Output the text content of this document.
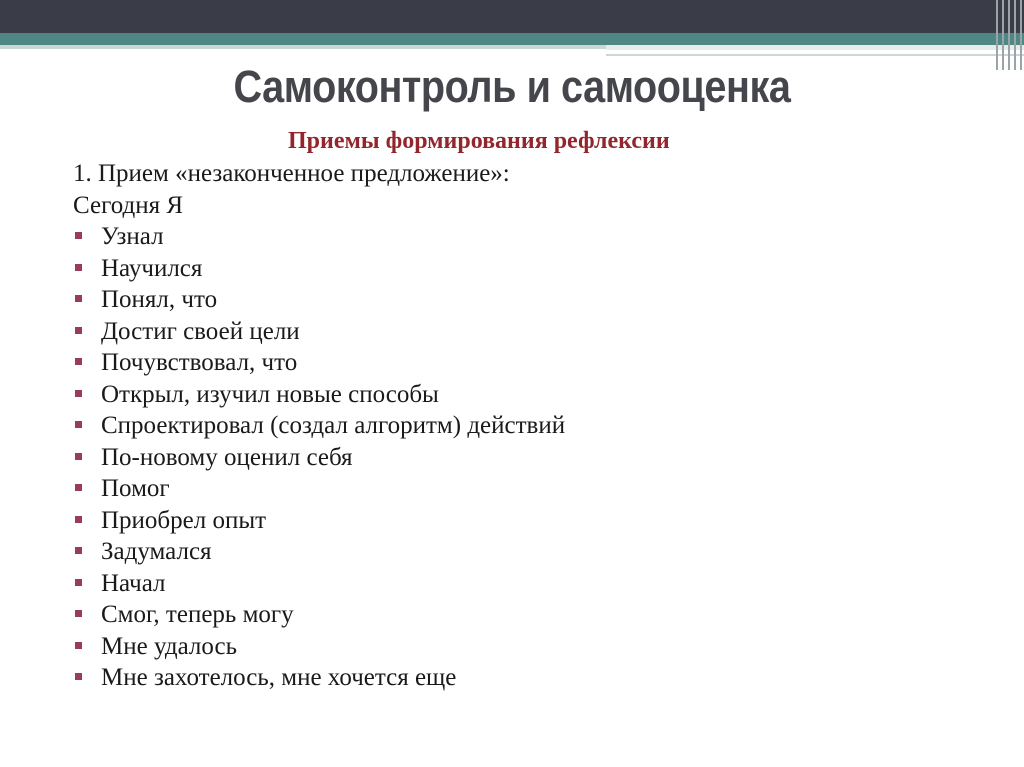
Самоконтроль и самооценка
Приемы формирования рефлексии
1. Прием «незаконченное предложение»:
Сегодня Я
Узнал
Научился
Понял, что
Достиг своей цели
Почувствовал, что
Открыл, изучил новые способы
Спроектировал (создал алгоритм) действий
По-новому оценил себя
Помог
Приобрел опыт
Задумался
Начал
Смог, теперь могу
Мне удалось
Мне захотелось, мне хочется еще
